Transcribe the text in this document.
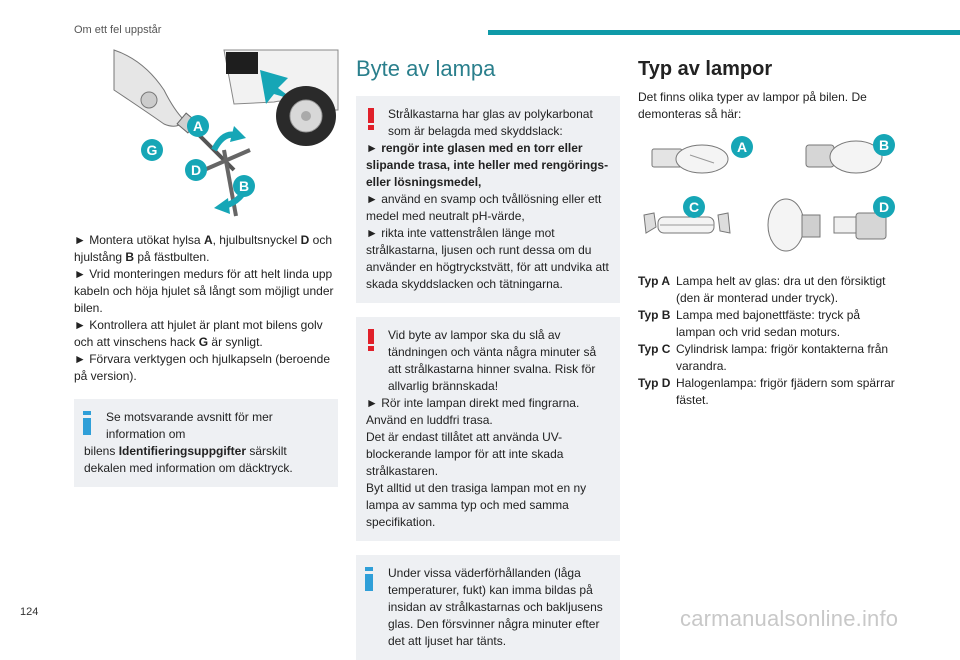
Om ett fel uppstår
A
G
D
B

► Montera utökat hylsa A, hjulbultsnyckel D och hjulstång B på fästbulten.

► Vrid monteringen medurs för att helt linda upp kabeln och höja hjulet så långt som möjligt under bilen.

► Kontrollera att hjulet är plant mot bilens golv och att vinschens hack G är synligt.

► Förvara verktygen och hjulkapseln (beroende på version).

Se motsvarande avsnitt för mer information om
bilens Identifieringsuppgifter särskilt dekalen med information om däcktryck.
Byte av lampa
Strålkastarna har glas av polykarbonat som är belagda med skyddslack:
► rengör inte glasen med en torr eller slipande trasa, inte heller med rengörings- eller lösningsmedel,
► använd en svamp och tvållösning eller ett medel med neutralt pH-värde,
► rikta inte vattenstrålen länge mot strålkastarna, ljusen och runt dessa om du använder en högtryckstvätt, för att undvika att skada skyddslacken och tätningarna.
Vid byte av lampor ska du slå av tändningen och vänta några minuter så att strålkastarna hinner svalna. Risk för allvarlig brännskada!
► Rör inte lampan direkt med fingrarna. Använd en luddfri trasa.
Det är endast tillåtet att använda UV-blockerande lampor för att inte skada strålkastaren.
Byt alltid ut den trasiga lampan mot en ny lampa av samma typ och med samma specifikation.
Under vissa väderförhållanden (låga temperaturer, fukt) kan imma bildas på insidan av strålkastarnas och bakljusens glas. Den försvinner några minuter efter det att ljuset har tänts.
Typ av lampor
Det finns olika typer av lampor på bilen. De demonteras så här:
A	B
C	D
Typ A Lampa helt av glas: dra ut den försiktigt (den är monterad under tryck).
Typ B Lampa med bajonettfäste: tryck på lampan och vrid sedan moturs.
Typ C Cylindrisk lampa: frigör kontakterna från varandra.
Typ D Halogenlampa: frigör fjädern som spärrar fästet.
124	carmanualsonline.info
